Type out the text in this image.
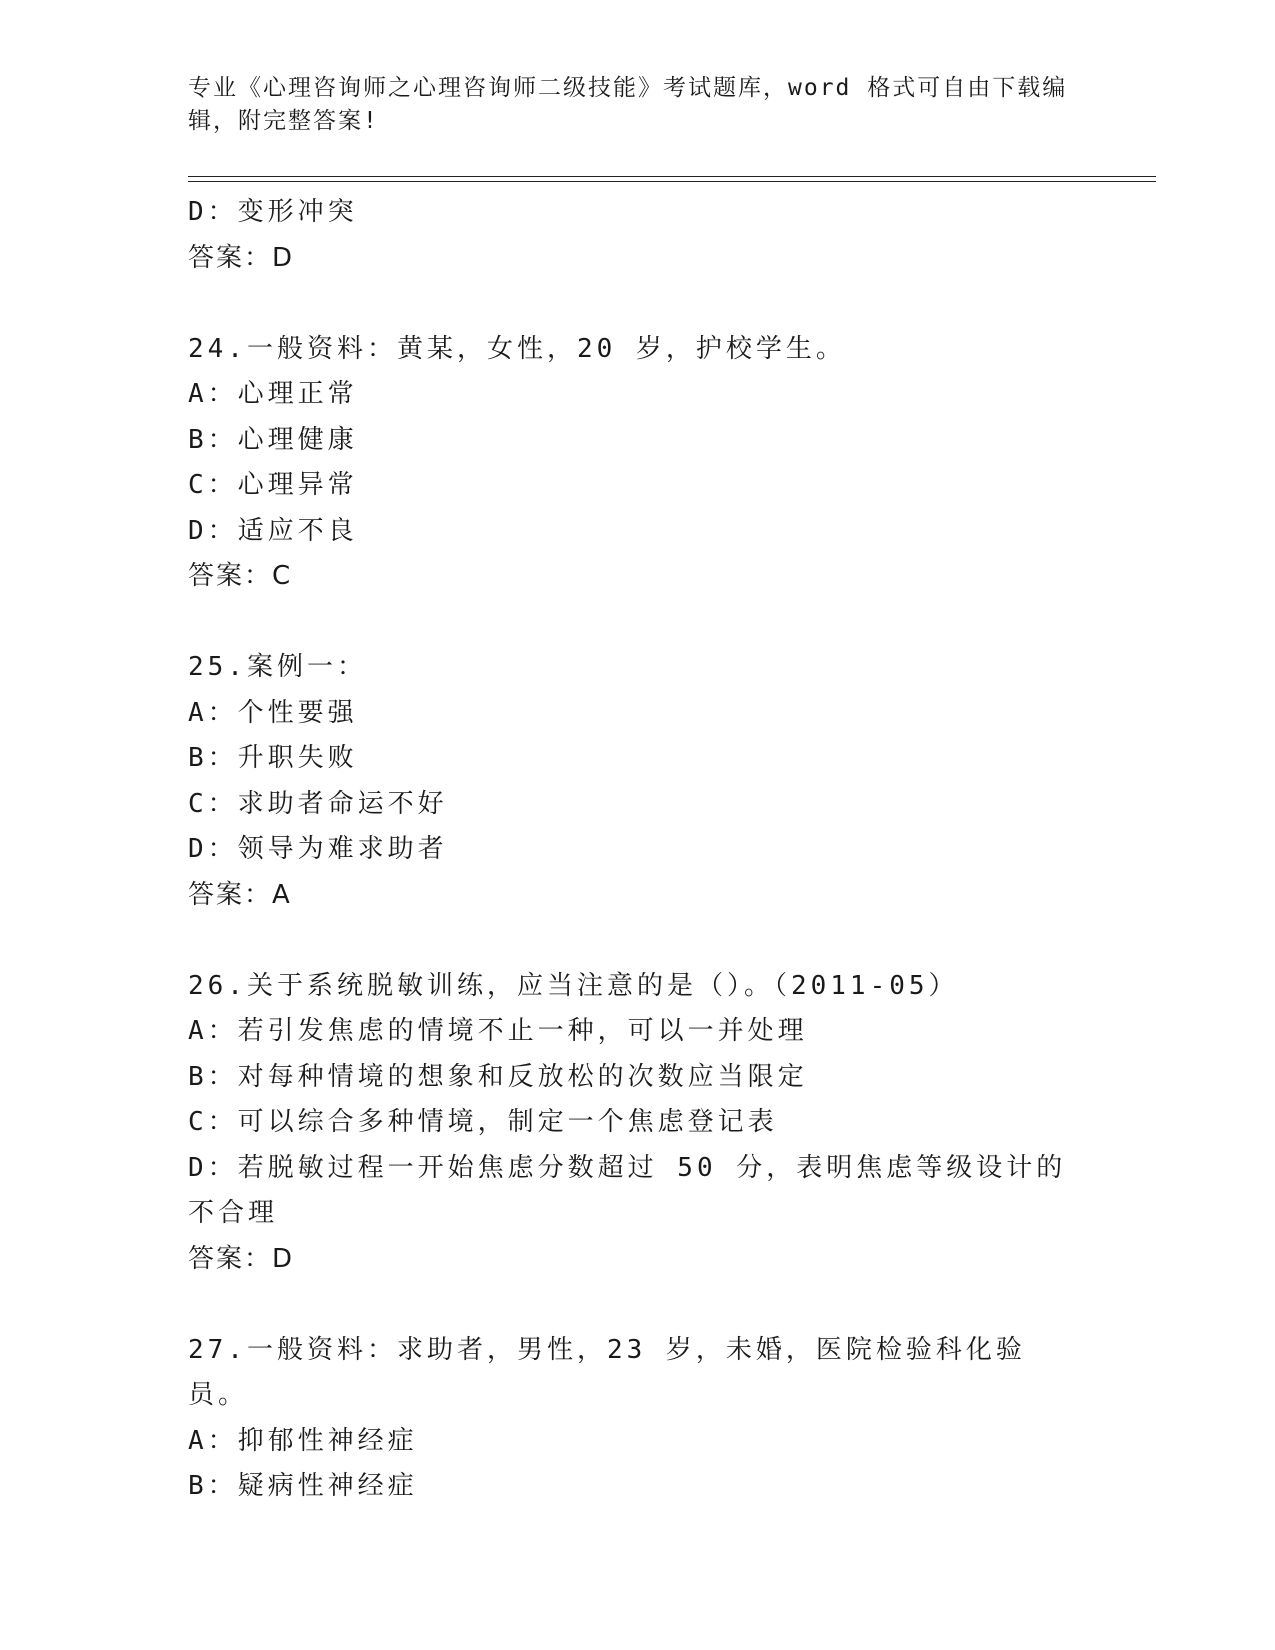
专业《心理咨询师之心理咨询师二级技能》考试题库，word 格式可自由下载编辑，附完整答案!
D：变形冲突
答案：D
24.一般资料：黄某，女性，20 岁，护校学生。
A：心理正常
B：心理健康
C：心理异常
D：适应不良
答案：C
25.案例一：
A：个性要强
B：升职失败
C：求助者命运不好
D：领导为难求助者
答案：A
26.关于系统脱敏训练，应当注意的是（）。（2011-05）
A：若引发焦虑的情境不止一种，可以一并处理
B：对每种情境的想象和反放松的次数应当限定
C：可以综合多种情境，制定一个焦虑登记表
D：若脱敏过程一开始焦虑分数超过 50 分，表明焦虑等级设计的不合理
答案：D
27.一般资料：求助者，男性，23 岁，未婚，医院检验科化验员。
A：抑郁性神经症
B：疑病性神经症
